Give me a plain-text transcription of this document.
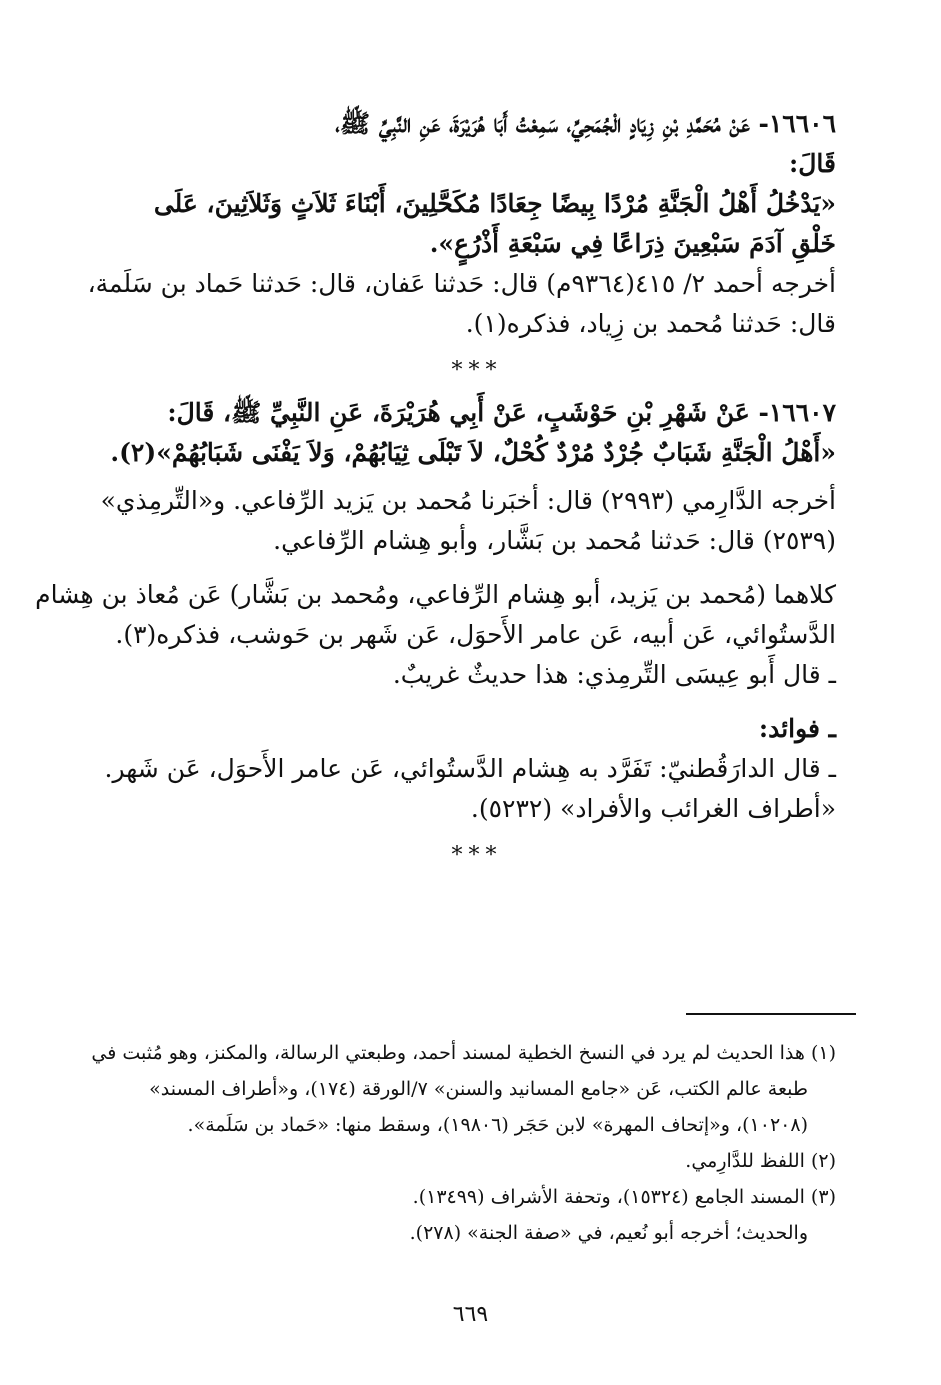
١٦٦٠٦- عَنْ مُحَمَّدِ بْنِ زِيَادٍ الْجُمَحِيِّ، سَمِعْتُ أَبَا هُرَيْرَةَ، عَنِ النَّبِيِّ ﷺ،

قَالَ:

«يَدْخُلُ أَهْلُ الْجَنَّةِ مُرْدًا بِيضًا جِعَادًا مُكَحَّلِينَ، أَبْنَاءَ ثَلاَثٍ وَثَلاَثِينَ، عَلَى

خَلْقِ آدَمَ سَبْعِينَ ذِرَاعًا فِي سَبْعَةِ أَذْرُعٍ».

أخرجه أحمد ٢/ ٤١٥(٩٣٦٤م) قال: حَدثنا عَفان، قال: حَدثنا حَماد بن سَلَمة،

قال: حَدثنا مُحمد بن زِياد، فذكره(١).

***

١٦٦٠٧- عَنْ شَهْرِ بْنِ حَوْشَبٍ، عَنْ أَبِي هُرَيْرَةَ، عَنِ النَّبِيِّ ﷺ، قَالَ:

«أَهْلُ الْجَنَّةِ شَبَابٌ جُرْدٌ مُرْدٌ كُحْلٌ، لاَ تَبْلَى ثِيَابُهُمْ، وَلاَ يَفْنَى شَبَابُهُمْ»(٢).

أخرجه الدَّارِمي (٢٩٩٣) قال: أخبَرنا مُحمد بن يَزيد الرِّفاعي. و«التِّرمِذي»

(٢٥٣٩) قال: حَدثنا مُحمد بن بَشَّار، وأبو هِشام الرِّفاعي.

كلاهما (مُحمد بن يَزيد، أبو هِشام الرِّفاعي، ومُحمد بن بَشَّار) عَن مُعاذ بن هِشام

الدَّستُوائي، عَن أبيه، عَن عامر الأَحوَل، عَن شَهر بن حَوشب، فذكره(٣).

ـ قال أَبو عِيسَى التِّرمِذي: هذا حديثٌ غريبٌ.

ـ فوائد:

ـ قال الدارَقُطنيّ: تَفَرَّد به هِشام الدَّستُوائي، عَن عامر الأَحوَل، عَن شَهر.

«أطراف الغرائب والأفراد» (٥٢٣٢).

***

(١) هذا الحديث لم يرد في النسخ الخطية لمسند أحمد، وطبعتي الرسالة، والمكنز، وهو مُثبت في

طبعة عالم الكتب، عَن «جامع المسانيد والسنن» ٧/الورقة (١٧٤)، و«أطراف المسند»

(١٠٢٠٨)، و«إتحاف المهرة» لابن حَجَر (١٩٨٠٦)، وسقط منها: «حَماد بن سَلَمة».

(٢) اللفظ للدَّارِمي.

(٣) المسند الجامع (١٥٣٢٤)، وتحفة الأشراف (١٣٤٩٩).

والحديث؛ أخرجه أبو نُعيم، في «صفة الجنة» (٢٧٨).

٦٦٩
